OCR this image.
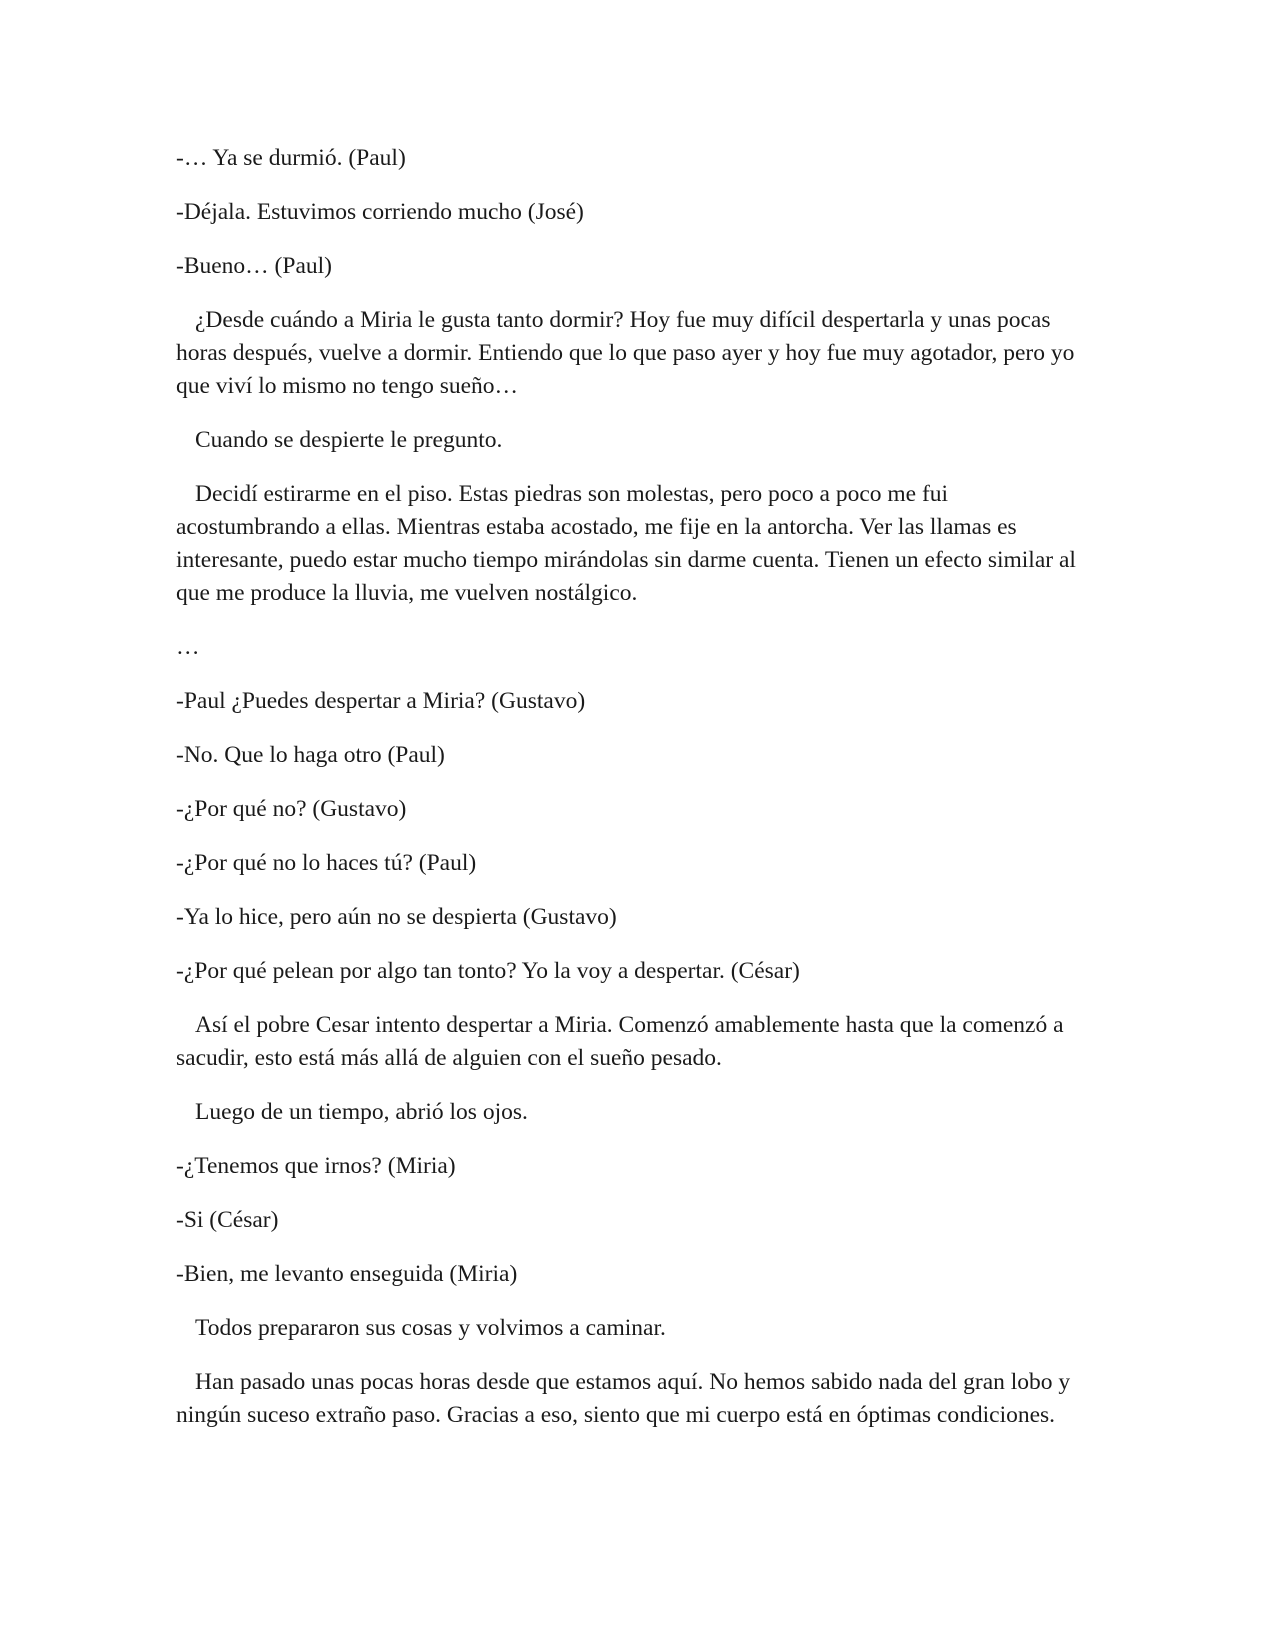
-… Ya se durmió. (Paul)

-Déjala. Estuvimos corriendo mucho (José)

-Bueno… (Paul)

¿Desde cuándo a Miria le gusta tanto dormir? Hoy fue muy difícil despertarla y unas pocas horas después, vuelve a dormir. Entiendo que lo que paso ayer y hoy fue muy agotador, pero yo que viví lo mismo no tengo sueño…

Cuando se despierte le pregunto.

Decidí estirarme en el piso. Estas piedras son molestas, pero poco a poco me fui acostumbrando a ellas. Mientras estaba acostado, me fije en la antorcha. Ver las llamas es interesante, puedo estar mucho tiempo mirándolas sin darme cuenta. Tienen un efecto similar al que me produce la lluvia, me vuelven nostálgico.

…

-Paul ¿Puedes despertar a Miria? (Gustavo)

-No. Que lo haga otro (Paul)

-¿Por qué no? (Gustavo)

-¿Por qué no lo haces tú? (Paul)

-Ya lo hice, pero aún no se despierta (Gustavo)

-¿Por qué pelean por algo tan tonto? Yo la voy a despertar. (César)

Así el pobre Cesar intento despertar a Miria. Comenzó amablemente hasta que la comenzó a sacudir, esto está más allá de alguien con el sueño pesado.

Luego de un tiempo, abrió los ojos.

-¿Tenemos que irnos? (Miria)

-Si (César)

-Bien, me levanto enseguida (Miria)

Todos prepararon sus cosas y volvimos a caminar.

Han pasado unas pocas horas desde que estamos aquí. No hemos sabido nada del gran lobo y ningún suceso extraño paso. Gracias a eso, siento que mi cuerpo está en óptimas condiciones.
